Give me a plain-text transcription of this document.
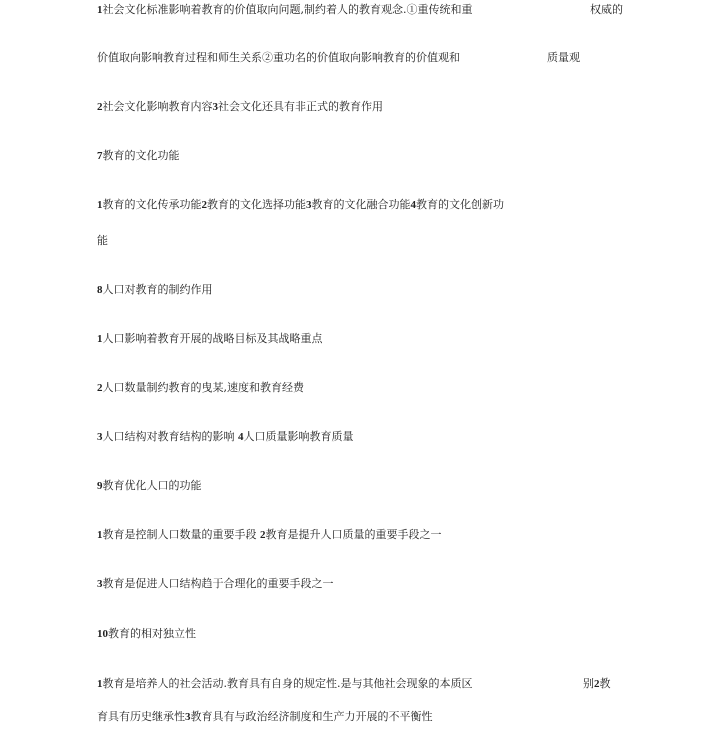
1社会文化标准影响着教育的价值取向问题,制约着人的教育观念.①重传统和重	权威的
价值取向影响教育过程和师生关系②重功名的价值取向影响教育的价值观和	质量观
2社会文化影响教育内容3社会文化还具有非正式的教育作用
7教育的文化功能
1教育的文化传承功能2教育的文化选择功能3教育的文化融合功能4教育的文化创新功
能
8人口对教育的制约作用
1人口影响着教育开展的战略目标及其战略重点
2人口数量制约教育的曳某,速度和教育经费
3人口结构对教育结构的影响 4人口质量影响教育质量
9教育优化人口的功能
1教育是控制人口数量的重要手段 2教育是提升人口质量的重要手段之一
3教育是促进人口结构趋于合理化的重要手段之一
10教育的相对独立性
1教育是培养人的社会活动.教育具有自身的规定性.是与其他社会现象的本质区	别2教
育具有历史继承性3教育具有与政治经济制度和生产力开展的不平衡性
